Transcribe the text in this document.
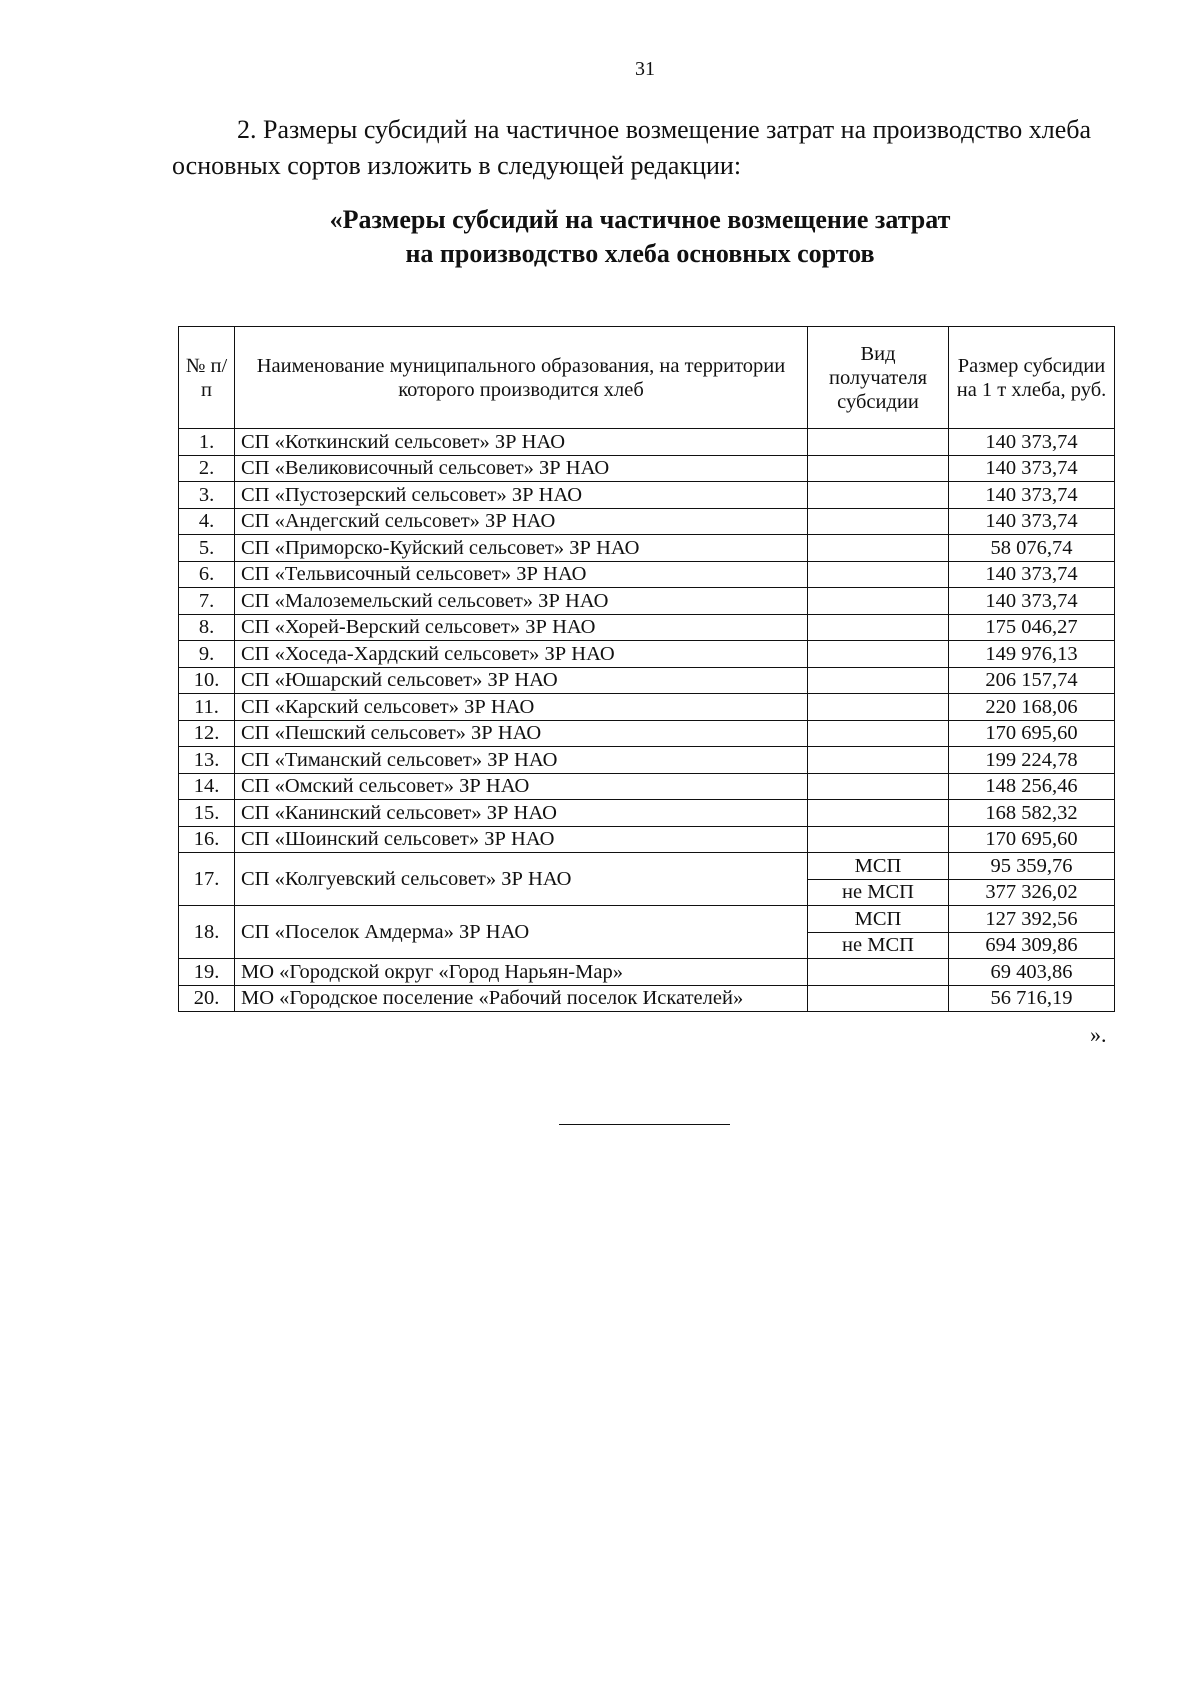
31

2. Размеры субсидий на частичное возмещение затрат на производство хлеба основных сортов изложить в следующей редакции:

«Размеры субсидий на частичное возмещение затрат
на производство хлеба основных сортов
№ п/п	Наименование муниципального образования, на территории которого производится хлеб	Вид получателя субсидии	Размер субсидии на 1 т хлеба, руб.
1.	СП «Коткинский сельсовет» ЗР НАО		140 373,74
2.	СП «Великовисочный сельсовет» ЗР НАО		140 373,74
3.	СП «Пустозерский сельсовет» ЗР НАО		140 373,74
4.	СП «Андегский сельсовет» ЗР НАО		140 373,74
5.	СП «Приморско-Куйский сельсовет» ЗР НАО		58 076,74
6.	СП «Тельвисочный сельсовет» ЗР НАО		140 373,74
7.	СП «Малоземельский сельсовет» ЗР НАО		140 373,74
8.	СП «Хорей-Верский сельсовет» ЗР НАО		175 046,27
9.	СП «Хоседа-Хардский сельсовет» ЗР НАО		149 976,13
10.	СП «Юшарский сельсовет» ЗР НАО		206 157,74
11.	СП «Карский сельсовет» ЗР НАО		220 168,06
12.	СП «Пешский сельсовет» ЗР НАО		170 695,60
13.	СП «Тиманский сельсовет» ЗР НАО		199 224,78
14.	СП «Омский сельсовет» ЗР НАО		148 256,46
15.	СП «Канинский сельсовет» ЗР НАО		168 582,32
16.	СП «Шоинский сельсовет» ЗР НАО		170 695,60
17.	СП «Колгуевский сельсовет» ЗР НАО	МСП	95 359,76
		не МСП	377 326,02
18.	СП «Поселок Амдерма» ЗР НАО	МСП	127 392,56
		не МСП	694 309,86
19.	МО «Городской округ «Город Нарьян-Мар»		69 403,86
20.	МО «Городское поселение «Рабочий поселок Искателей»		56 716,19
».
